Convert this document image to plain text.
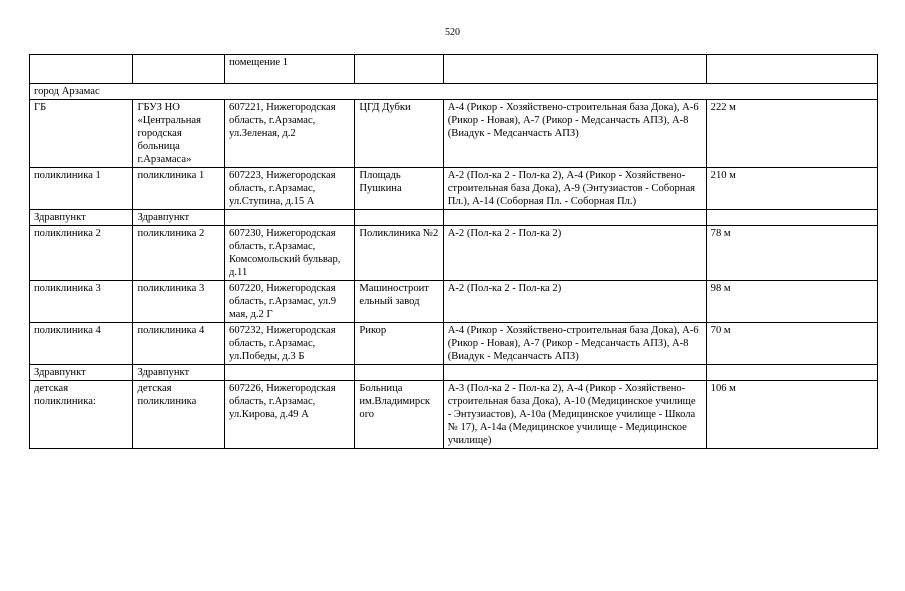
520
		помещение 1			
город Арзамас					
ГБ	ГБУЗ НО «Центральная городская больница г.Арзамаса»	607221, Нижегородская область, г.Арзамас, ул.Зеленая, д.2	ЦГД Дубки	А-4 (Рикор - Хозяйствено-строительная база Дока), А-6 (Рикор - Новая), А-7 (Рикор - Медсанчасть АПЗ), А-8 (Виадук - Медсанчасть АПЗ)	222 м
поликлиника 1	поликлиника 1	607223, Нижегородская область, г.Арзамас, ул.Ступина, д.15 А	Площадь Пушкина	А-2 (Пол-ка 2 - Пол-ка 2), А-4 (Рикор - Хозяйствено-строительная база Дока), А-9 (Энтузиастов - Соборная Пл.), А-14 (Соборная Пл. - Соборная Пл.)	210 м
Здравпункт	Здравпункт				
поликлиника 2	поликлиника 2	607230, Нижегородская область, г.Арзамас, Комсомольский бульвар, д.11	Поликлиника №2	А-2 (Пол-ка 2 - Пол-ка 2)	78 м
поликлиника 3	поликлиника 3	607220, Нижегородская область, г.Арзамас, ул.9 мая, д.2 Г	Машиностроит ельный завод	А-2 (Пол-ка 2 - Пол-ка 2)	98 м
поликлиника 4	поликлиника 4	607232, Нижегородская область, г.Арзамас, ул.Победы, д.3 Б	Рикор	А-4 (Рикор - Хозяйствено-строительная база Дока), А-6 (Рикор - Новая), А-7 (Рикор - Медсанчасть АПЗ), А-8 (Виадук - Медсанчасть АПЗ)	70 м
Здравпункт	Здравпункт				
детская поликлиника:	детская поликлиника	607226, Нижегородская область, г.Арзамас, ул.Кирова, д.49 А	Больница им.Владимирск ого	А-3 (Пол-ка 2 - Пол-ка 2), А-4 (Рикор - Хозяйствено-строительная база Дока), А-10 (Медицинское училище - Энтузиастов), А-10а (Медицинское училище - Школа № 17), А-14а (Медицинское училище - Медицинское училище)	106 м
